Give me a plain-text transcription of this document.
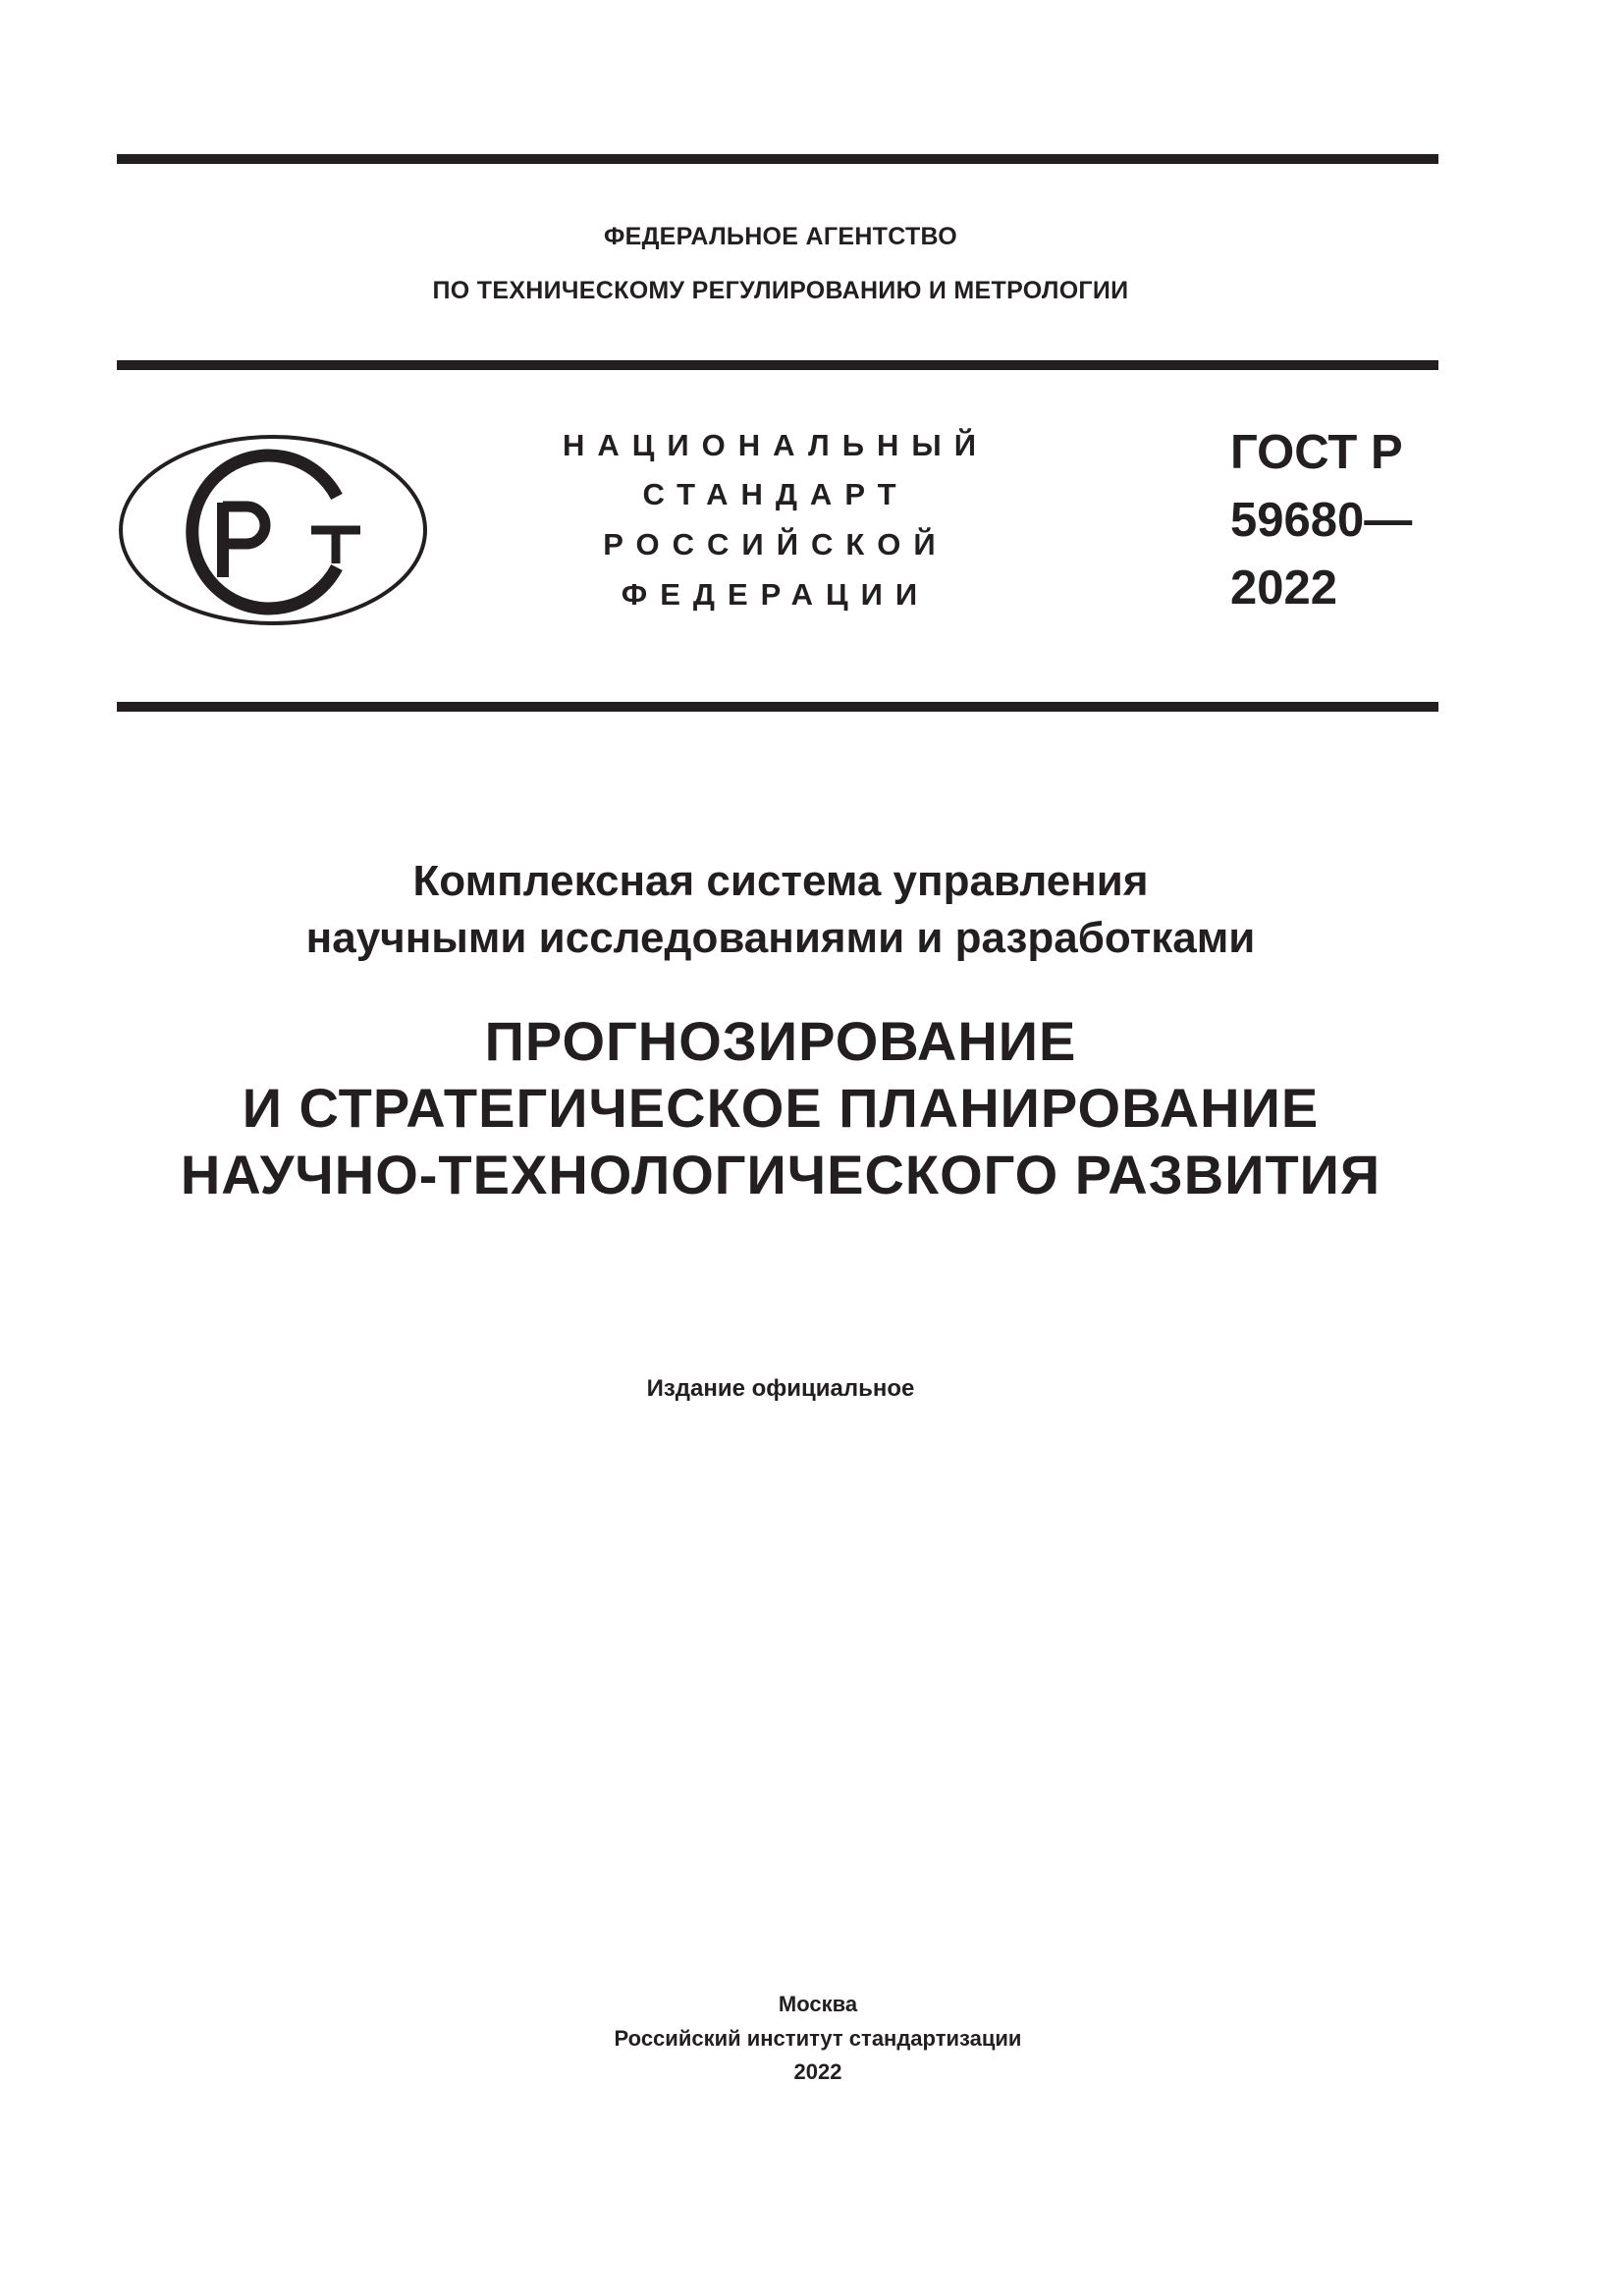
ФЕДЕРАЛЬНОЕ АГЕНТСТВО
ПО ТЕХНИЧЕСКОМУ РЕГУЛИРОВАНИЮ И МЕТРОЛОГИИ
НАЦИОНАЛЬНЫЙ
СТАНДАРТ
РОССИЙСКОЙ
ФЕДЕРАЦИИ
ГОСТ Р
59680—
2022
Комплексная система управления
научными исследованиями и разработками
ПРОГНОЗИРОВАНИЕ
И СТРАТЕГИЧЕСКОЕ ПЛАНИРОВАНИЕ
НАУЧНО-ТЕХНОЛОГИЧЕСКОГО РАЗВИТИЯ
Издание официальное
Москва
Российский институт стандартизации
2022
